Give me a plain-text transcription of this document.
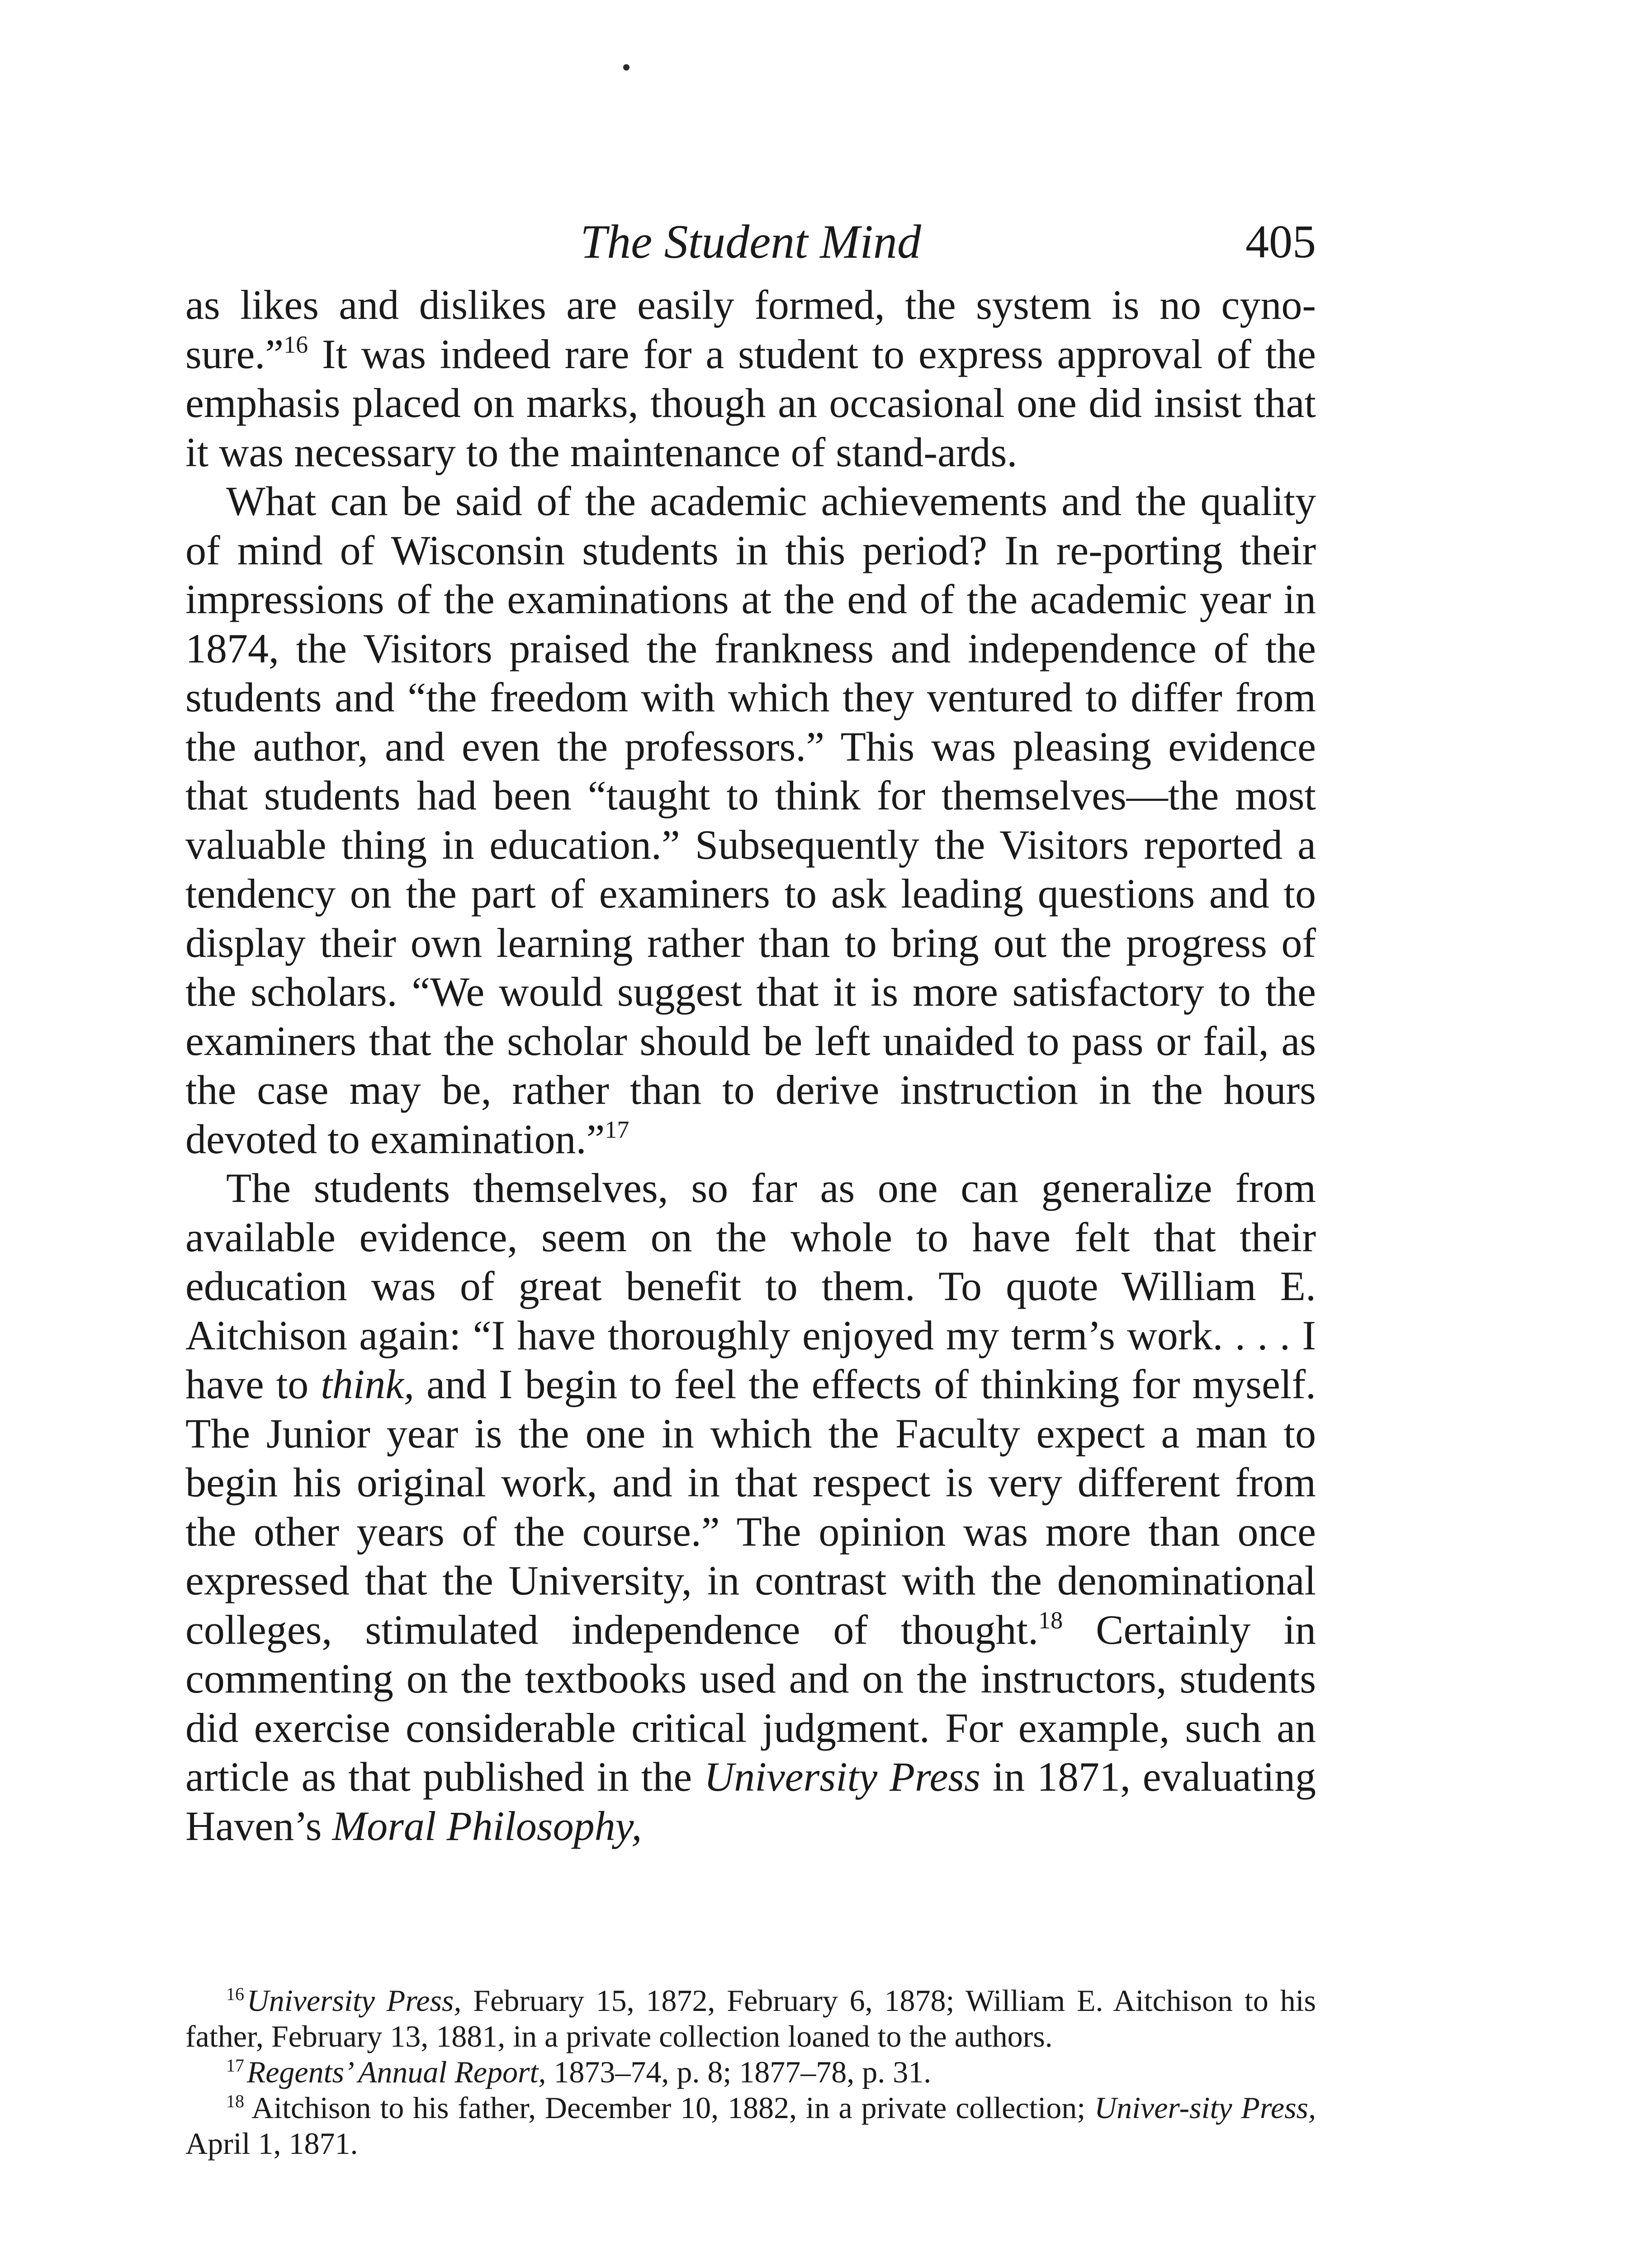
The Student Mind	405

as likes and dislikes are easily formed, the system is no cyno-sure.”$^{16}$ It was indeed rare for a student to express approval of the emphasis placed on marks, though an occasional one did insist that it was necessary to the maintenance of stand-ards.

What can be said of the academic achievements and the quality of mind of Wisconsin students in this period? In re-porting their impressions of the examinations at the end of the academic year in 1874, the Visitors praised the frankness and independence of the students and “the freedom with which they ventured to differ from the author, and even the professors.” This was pleasing evidence that students had been “taught to think for themselves—the most valuable thing in education.” Subsequently the Visitors reported a tendency on the part of examiners to ask leading questions and to display their own learning rather than to bring out the progress of the scholars. “We would suggest that it is more satisfactory to the examiners that the scholar should be left unaided to pass or fail, as the case may be, rather than to derive instruction in the hours devoted to examination.”$^{17}$

The students themselves, so far as one can generalize from available evidence, seem on the whole to have felt that their education was of great benefit to them. To quote William E. Aitchison again: “I have thoroughly enjoyed my term’s work. . . . I have to think, and I begin to feel the effects of thinking for myself. The Junior year is the one in which the Faculty expect a man to begin his original work, and in that respect is very different from the other years of the course.” The opinion was more than once expressed that the University, in contrast with the denominational colleges, stimulated independence of thought.$^{18}$ Certainly in commenting on the textbooks used and on the instructors, students did exercise considerable critical judgment. For example, such an article as that published in the University Press in 1871, evaluating Haven’s Moral Philosophy,

$^{16}$ University Press, February 15, 1872, February 6, 1878; William E. Aitchison to his father, February 13, 1881, in a private collection loaned to the authors.

$^{17}$ Regents’ Annual Report, 1873–74, p. 8; 1877–78, p. 31.

$^{18}$ Aitchison to his father, December 10, 1882, in a private collection; Univer-sity Press, April 1, 1871.
